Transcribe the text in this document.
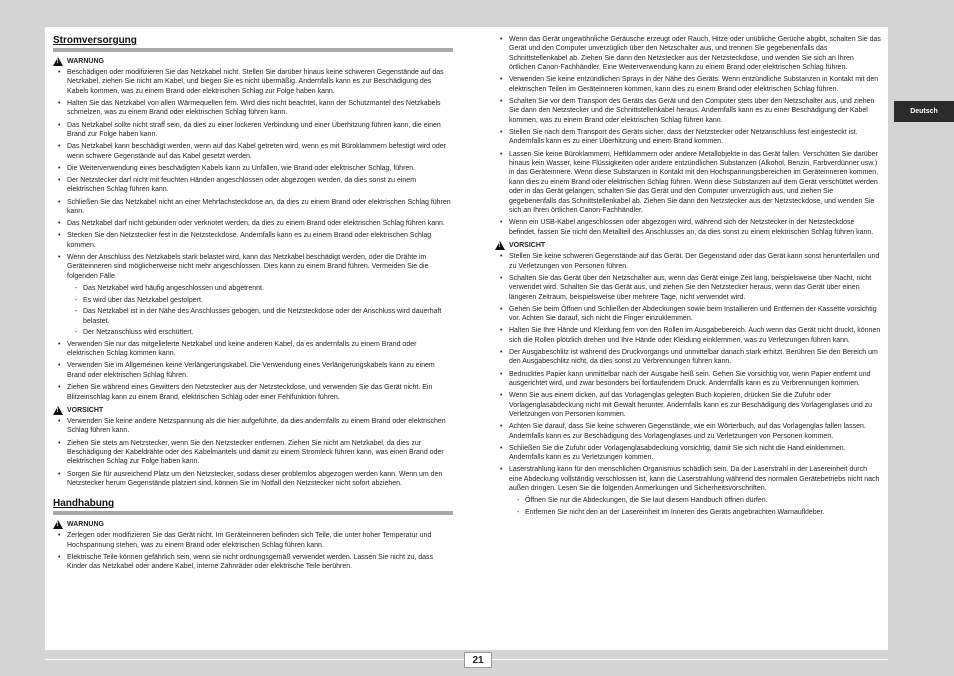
Stromversorgung
!
WARNUNG
• Beschädigen oder modifizieren Sie das Netzkabel nicht. Stellen Sie darüber hinaus keine schweren Gegenstände auf das Netzkabel, ziehen Sie nicht am Kabel, und biegen Sie es nicht übermäßig. Andernfalls kann es zur Beschädigung des Kabels kommen, was zu einem Brand oder elektrischen Schlag zur Folge haben kann.
• Halten Sie das Netzkabel von allen Wärmequellen fern. Wird dies nicht beachtet, kann der Schutzmantel des Netzkabels schmelzen, was zu einem Brand oder elektrischen Schlag führen kann.
• Das Netzkabel sollte nicht straff sein, da dies zu einer lockeren Verbindung und einer Überhitzung führen kann, die einen Brand zur Folge haben kann.
• Das Netzkabel kann beschädigt werden, wenn auf das Kabel getreten wird, wenn es mit Büroklammern befestigt wird oder wenn schwere Gegenstände auf das Kabel gesetzt werden.
• Die Weiterverwendung eines beschädigten Kabels kann zu Unfällen, wie Brand oder elektrischer Schlag, führen.
• Der Netzstecker darf nicht mit feuchten Händen angeschlossen oder abgezogen werden, da dies sonst zu einem elektrischen Schlag führen kann.
• Schließen Sie das Netzkabel nicht an einer Mehrfachsteckdose an, da dies zu einem Brand oder elektrischen Schlag führen kann.
• Das Netzkabel darf nicht gebunden oder verknotet werden, da dies zu einem Brand oder elektrischen Schlag führen kann.
• Stecken Sie den Netzstecker fest in die Netzsteckdose. Andernfalls kann es zu einem Brand oder elektrischen Schlag kommen.
• Wenn der Anschluss des Netzkabels stark belastet wird, kann das Netzkabel beschädigt werden, oder die Drähte im Geräteinneren sind möglicherweise nicht mehr angeschlossen. Dies kann zu einem Brand führen. Vermeiden Sie die folgenden Fälle.
- Das Netzkabel wird häufig angeschlossen und abgetrennt.
- Es wird über das Netzkabel gestolpert.
- Das Netzkabel ist in der Nähe des Anschlusses gebogen, und die Netzsteckdose oder der Anschluss wird dauerhaft belastet.
- Der Netzanschluss wird erschüttert.
• Verwenden Sie nur das mitgelieferte Netzkabel und keine anderen Kabel, da es andernfalls zu einem Brand oder elektrischen Schlag kommen kann.
• Verwenden Sie im Allgemeinen keine Verlängerungskabel. Die Verwendung eines Verlängerungskabels kann zu einem Brand oder elektrischen Schlag führen.
• Ziehen Sie während eines Gewitters den Netzstecker aus der Netzsteckdose, und verwenden Sie das Gerät nicht. Ein Blitzeinschlag kann zu einem Brand, elektrischen Schlag oder einer Fehlfunktion führen.
!
VORSICHT
• Verwenden Sie keine andere Netzspannung als die hier aufgeführte, da dies andernfalls zu einem Brand oder elektrischen Schlag führen kann.
• Ziehen Sie stets am Netzstecker, wenn Sie den Netzstecker entfernen. Ziehen Sie nicht am Netzkabel, da dies zur Beschädigung der Kabeldrähte oder des Kabelmantels und damit zu einem Stromleck führen kann, was einen Brand oder elektrischen Schlag zur Folge haben kann.
• Sorgen Sie für ausreichend Platz um den Netzstecker, sodass dieser problemlos abgezogen werden kann. Wenn um den Netzstecker herum Gegenstände platziert sind, können Sie im Notfall den Netzstecker nicht sofort abziehen.
Handhabung
!
WARNUNG
• Zerlegen oder modifizieren Sie das Gerät nicht. Im Geräteinneren befinden sich Teile, die unter hoher Temperatur und Hochspannung stehen, was zu einem Brand oder elektrischen Schlag führen kann.
• Elektrische Teile können gefährlich sein, wenn sie nicht ordnungsgemäß verwendet werden. Lassen Sie nicht zu, dass Kinder das Netzkabel oder andere Kabel, interne Zahnräder oder elektrische Teile berühren.
• Wenn das Gerät ungewöhnliche Geräusche erzeugt oder Rauch, Hitze oder unübliche Gerüche abgibt, schalten Sie das Gerät und den Computer unverzüglich über den Netzschalter aus, und trennen Sie gegebenenfalls das Schnittstellenkabel ab. Ziehen Sie dann den Netzstecker aus der Netzsteckdose, und wenden Sie sich an Ihren örtlichen Canon-Fachhändler. Eine Weiterverwendung kann zu einem Brand oder elektrischen Schlag führen.
• Verwenden Sie keine entzündlichen Sprays in der Nähe des Geräts. Wenn entzündliche Substanzen in Kontakt mit den elektrischen Teilen im Geräteinneren kommen, kann dies zu einem Brand oder elektrischen Schlag führen.
• Schalten Sie vor dem Transport des Geräts das Gerät und den Computer stets über den Netzschalter aus, und ziehen Sie dann den Netzstecker und die Schnittstellenkabel heraus. Andernfalls kann es zu einer Beschädigung der Kabel kommen, was zu einem Brand oder elektrischen Schlag führen kann.
• Stellen Sie nach dem Transport des Geräts sicher, dass der Netzstecker oder Netzanschluss fest eingesteckt ist. Andernfalls kann es zu einer Überhitzung und einem Brand kommen.
• Lassen Sie keine Büroklammern, Heftklammern oder andere Metallobjekte in das Gerät fallen. Verschütten Sie darüber hinaus kein Wasser, keine Flüssigkeiten oder andere entzündlichen Substanzen (Alkohol, Benzin, Farbverdünner usw.) in das Geräteinnere. Wenn diese Substanzen in Kontakt mit den Hochspannungsbereichen im Geräteinneren kommen, kann dies zu einem Brand oder elektrischen Schlag führen. Wenn diese Substanzen auf dem Gerät verschüttet werden oder in das Gerät gelangen, schalten Sie das Gerät und den Computer unverzüglich aus, und ziehen Sie gegebenenfalls das Schnittstellenkabel ab. Ziehen Sie dann den Netzstecker aus der Netzsteckdose, und wenden Sie sich an Ihren örtlichen Canon-Fachhändler.
• Wenn ein USB-Kabel angeschlossen oder abgezogen wird, während sich der Netzstecker in der Netzsteckdose befindet, fassen Sie nicht den Metallteil des Anschlusses an, da dies sonst zu einem elektrischen Schlag führen kann.
!
VORSICHT
• Stellen Sie keine schweren Gegenstände auf das Gerät. Der Gegenstand oder das Gerät kann sonst herunterfallen und zu Verletzungen von Personen führen.
• Schalten Sie das Gerät über den Netzschalter aus, wenn das Gerät einige Zeit lang, beispielsweise über Nacht, nicht verwendet wird. Schalten Sie das Gerät aus, und ziehen Sie den Netzstecker heraus, wenn das Gerät über einen längeren Zeitraum, beispielsweise über mehrere Tage, nicht verwendet wird.
• Gehen Sie beim Öffnen und Schließen der Abdeckungen sowie beim Installieren und Entfernen der Kassette vorsichtig vor. Achten Sie darauf, sich nicht die Finger einzuklemmen.
• Halten Sie Ihre Hände und Kleidung fern von den Rollen im Ausgabebereich. Auch wenn das Gerät nicht druckt, können sich die Rollen plötzlich drehen und Ihre Hände oder Kleidung einklemmen, was zu Verletzungen führen kann.
• Der Ausgabeschlitz ist während des Druckvorgangs und unmittelbar danach stark erhitzt. Berühren Sie den Bereich um den Ausgabeschlitz nicht, da dies sonst zu Verbrennungen führen kann.
• Bedrucktes Papier kann unmittelbar nach der Ausgabe heiß sein. Gehen Sie vorsichtig vor, wenn Papier entfernt und ausgerichtet wird, und zwar besonders bei fortlaufendem Druck. Andernfalls kann es zu Verbrennungen kommen.
• Wenn Sie aus einem dicken, auf das Vorlagenglas gelegten Buch kopieren, drücken Sie die Zufuhr oder Vorlagenglasabdeckung nicht mit Gewalt herunter. Andernfalls kann es zur Beschädigung des Vorlagenglases und zu Verletzungen von Personen kommen.
• Achten Sie darauf, dass Sie keine schweren Gegenstände, wie ein Wörterbuch, auf das Vorlagenglas fallen lassen. Andernfalls kann es zur Beschädigung des Vorlagenglases und zu Verletzungen von Personen kommen.
• Schließen Sie die Zufuhr oder Vorlagenglasabdeckung vorsichtig, damit Sie sich nicht die Hand einklemmen. Andernfalls kann es zu Verletzungen kommen.
• Laserstrahlung kann für den menschlichen Organismus schädlich sein. Da der Laserstrahl in der Lasereinheit durch eine Abdeckung vollständig verschlossen ist, kann die Laserstrahlung während des normalen Gerätebetriebs nicht nach außen dringen. Lesen Sie die folgenden Anmerkungen und Sicherheitsvorschriften.
- Öffnen Sie nur die Abdeckungen, die Sie laut diesem Handbuch öffnen dürfen.
- Entfernen Sie nicht den an der Lasereinheit im Inneren des Geräts angebrachten Warnaufkleber.
Deutsch
21
